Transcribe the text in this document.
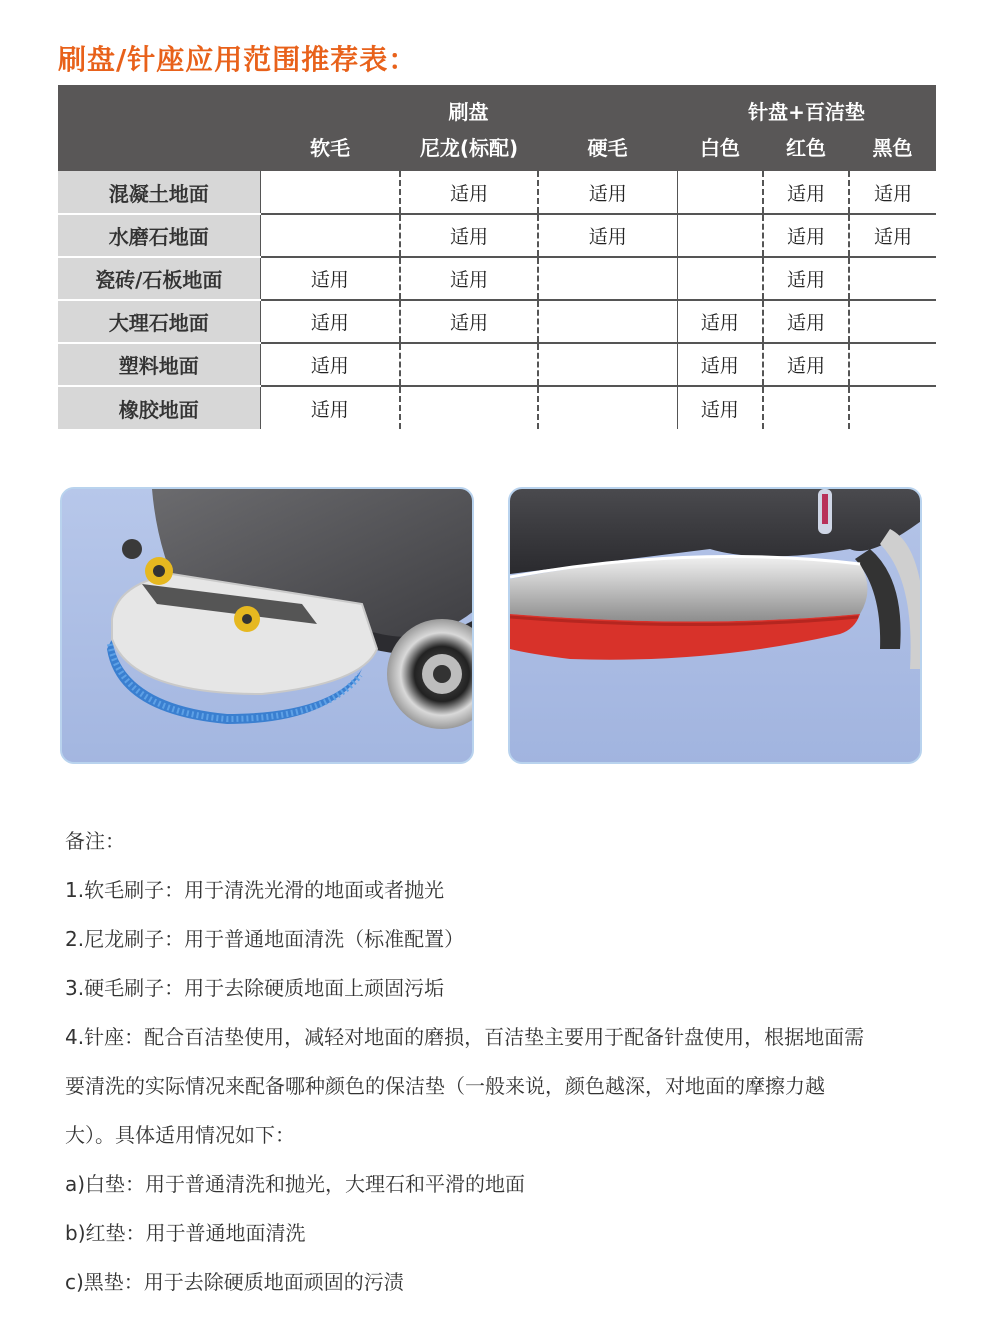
刷盘/针座应用范围推荐表：
	刷盘			针盘+百洁垫		
	软毛	尼龙(标配)	硬毛	白色	红色	黑色
混凝土地面		适用	适用		适用	适用
水磨石地面		适用	适用		适用	适用
瓷砖/石板地面	适用	适用			适用	
大理石地面	适用	适用		适用	适用	
塑料地面	适用			适用	适用	
橡胶地面	适用			适用		

备注：

1.软毛刷子：用于清洗光滑的地面或者抛光

2.尼龙刷子：用于普通地面清洗（标准配置）

3.硬毛刷子：用于去除硬质地面上顽固污垢

4.针座：配合百洁垫使用，减轻对地面的磨损，百洁垫主要用于配备针盘使用，根据地面需

要清洗的实际情况来配备哪种颜色的保洁垫（一般来说，颜色越深，对地面的摩擦力越

大）。具体适用情况如下：

a)白垫：用于普通清洗和抛光，大理石和平滑的地面

b)红垫：用于普通地面清洗

c)黑垫：用于去除硬质地面顽固的污渍
